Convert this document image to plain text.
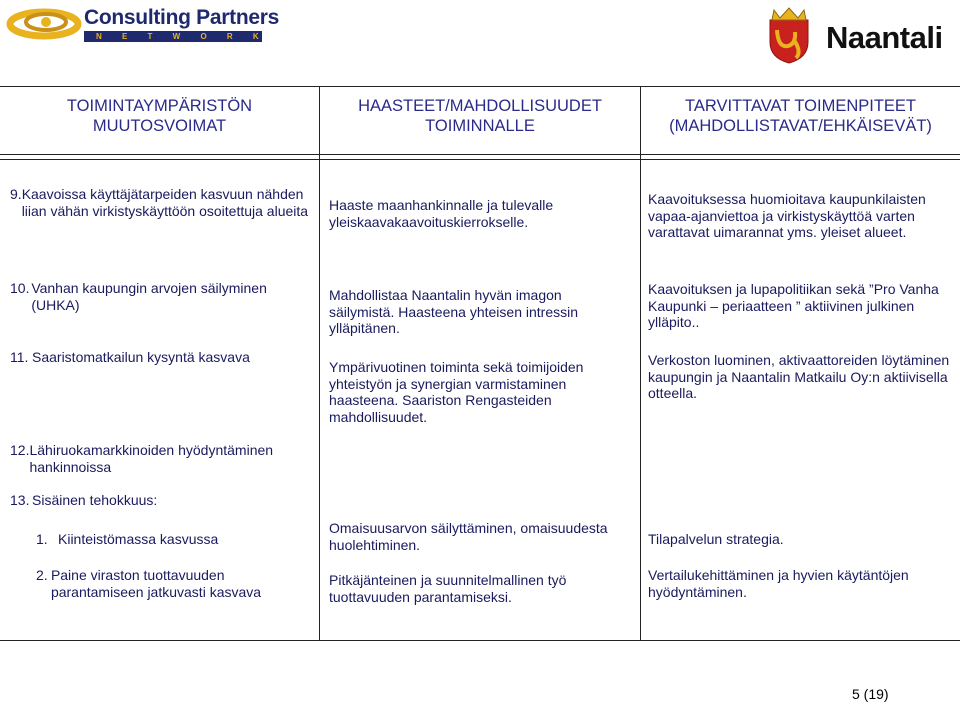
Consulting Partners
N E T W O R K	Naantali
TOIMINTAYMPÄRISTÖN MUUTOSVOIMAT
HAASTEET/MAHDOLLISUUDET TOIMINNALLE
TARVITTAVAT TOIMENPITEET (MAHDOLLISTAVAT/EHKÄISEVÄT)
9. Kaavoissa käyttäjätarpeiden kasvuun nähden liian vähän virkistyskäyttöön osoitettuja alueita
10. Vanhan kaupungin arvojen säilyminen (UHKA)
11. Saaristomatkailun kysyntä kasvava
12. Lähiruokamarkkinoiden hyödyntäminen hankinnoissa
13. Sisäinen tehokkuus:
1. Kiinteistömassa kasvussa
2. Paine viraston tuottavuuden parantamiseen jatkuvasti kasvava
Haaste maanhankinnalle ja tulevalle yleiskaavakaavoituskierrokselle.
Mahdollistaa Naantalin hyvän imagon säilymistä. Haasteena yhteisen intressin ylläpitänen.
Ympärivuotinen toiminta sekä toimijoiden yhteistyön ja synergian varmistaminen haasteena. Saariston Rengasteiden mahdollisuudet.
Omaisuusarvon säilyttäminen, omaisuudesta huolehtiminen.
Pitkäjänteinen ja suunnitelmallinen työ tuottavuuden parantamiseksi.
Kaavoituksessa huomioitava kaupunkilaisten vapaa-ajanviettoa ja virkistyskäyttöä varten varattavat uimarannat yms. yleiset alueet.
Kaavoituksen ja lupapolitiikan sekä ”Pro Vanha Kaupunki – periaatteen ” aktiivinen julkinen ylläpito..
Verkoston luominen, aktivaattoreiden löytäminen kaupungin ja Naantalin Matkailu Oy:n aktiivisella otteella.
Tilapalvelun strategia.
Vertailukehittäminen ja hyvien käytäntöjen hyödyntäminen.
5 (19)
